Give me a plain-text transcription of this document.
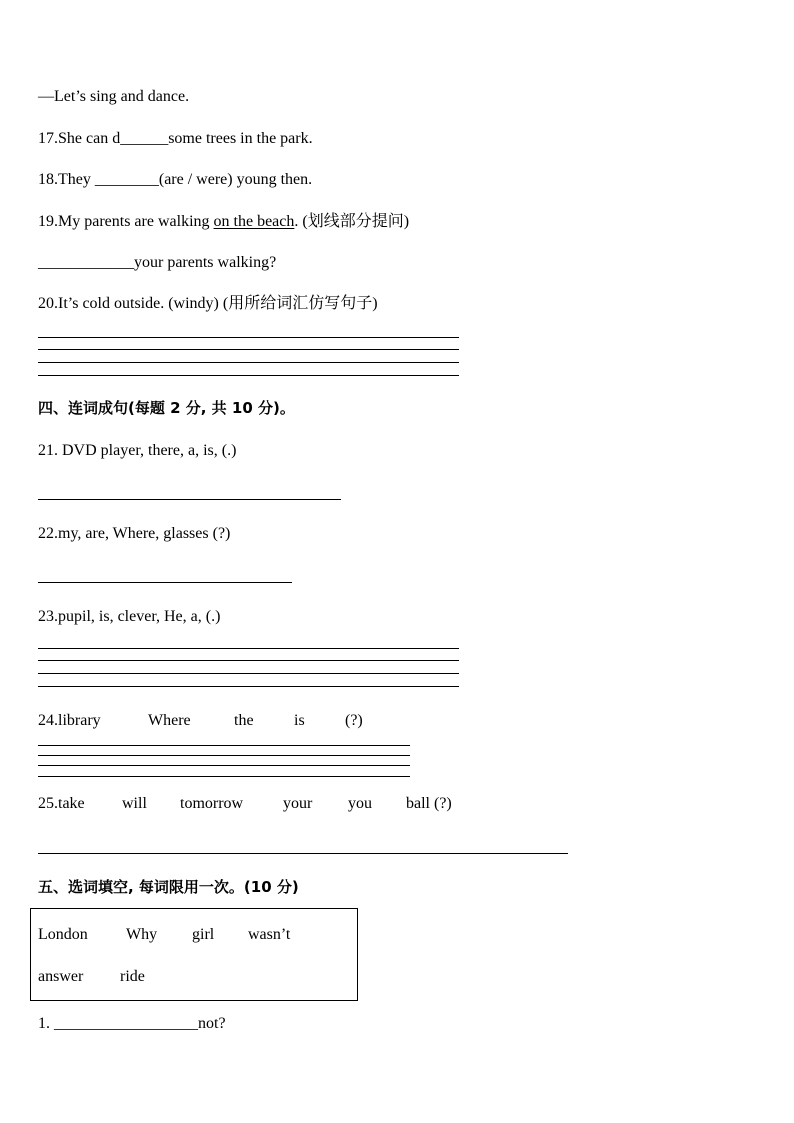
—Let’s sing and dance.
17.She can d______some trees in the park.
18.They ________(are / were) young then.
19.My parents are walking on the beach. (划线部分提问)
____________your parents walking?
20.It’s cold outside. (windy) (用所给词汇仿写句子)
四、连词成句(每题 2 分, 共 10 分)。
21. DVD player, there, a, is, (.)
22.my, are, Where, glasses (?)
23.pupil, is, clever, He, a, (.)
24.library	Where	the	is	(?)
25.take will tomorrow your you ball (?)
五、选词填空, 每词限用一次。(10 分)
London Why girl wasn’t
answer ride
1. __________________not?
